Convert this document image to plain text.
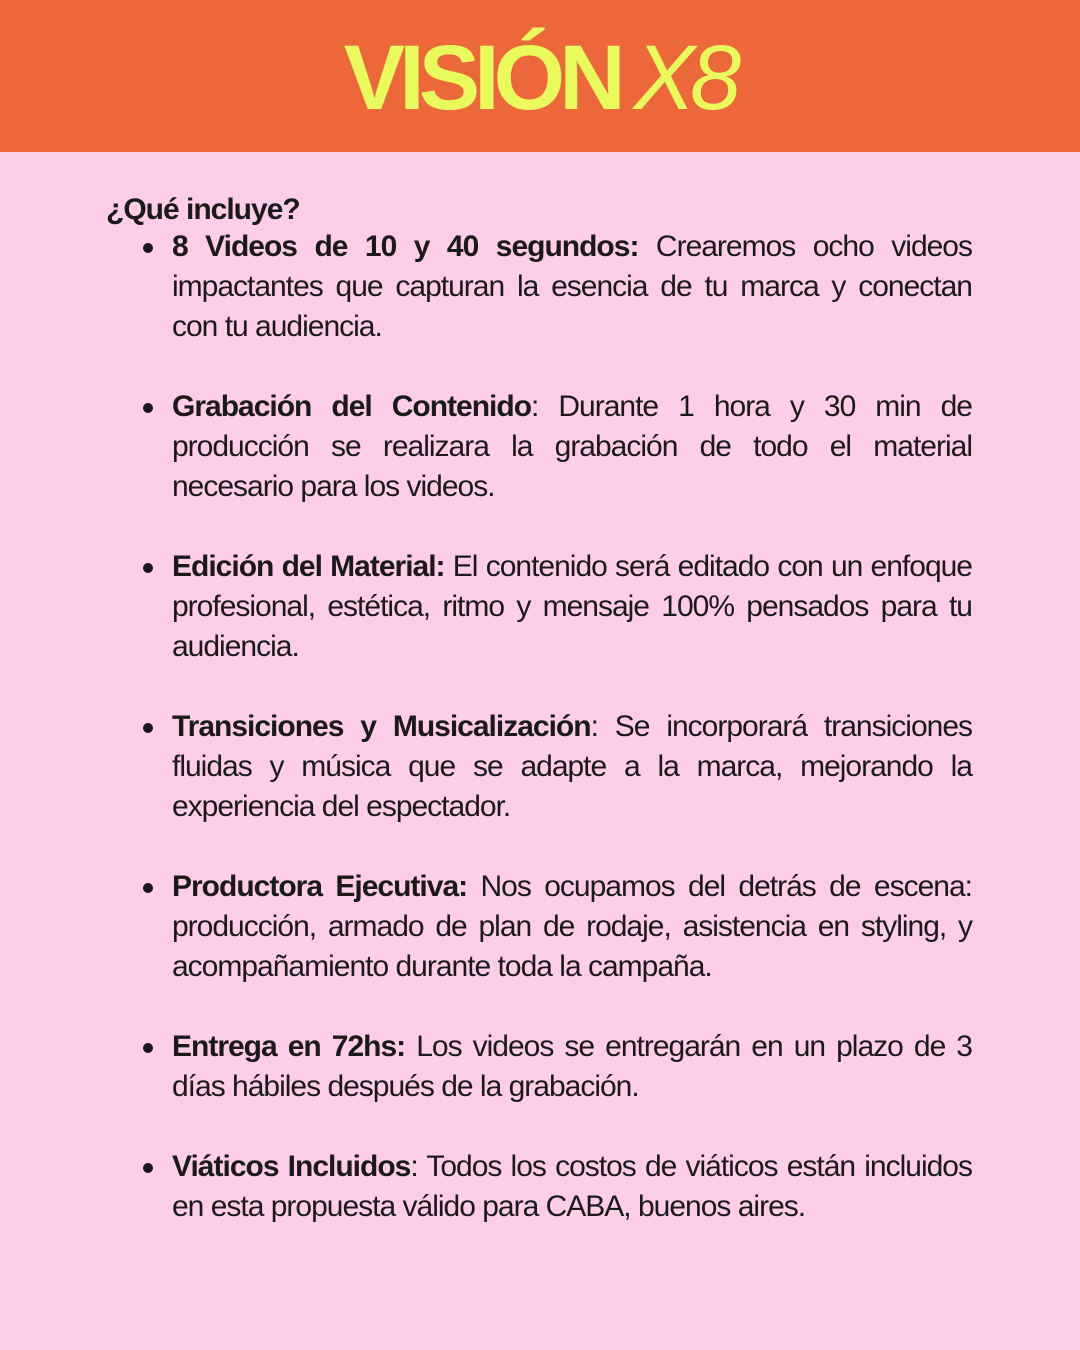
VISIÓN X8
¿Qué incluye?
8 Videos de 10 y 40 segundos: Crearemos ocho videos impactantes que capturan la esencia de tu marca y conectan con tu audiencia.
Grabación del Contenido: Durante 1 hora y 30 min de producción se realizara la grabación de todo el material necesario para los videos.
Edición del Material: El contenido será editado con un enfoque profesional, estética, ritmo y mensaje 100% pensados para tu audiencia.
Transiciones y Musicalización: Se incorporará transiciones fluidas y música que se adapte a la marca, mejorando la experiencia del espectador.
Productora Ejecutiva: Nos ocupamos del detrás de escena: producción, armado de plan de rodaje, asistencia en styling, y acompañamiento durante toda la campaña.
Entrega en 72hs: Los videos se entregarán en un plazo de 3 días hábiles después de la grabación.
Viáticos Incluidos: Todos los costos de viáticos están incluidos en esta propuesta válido para CABA, buenos aires.
